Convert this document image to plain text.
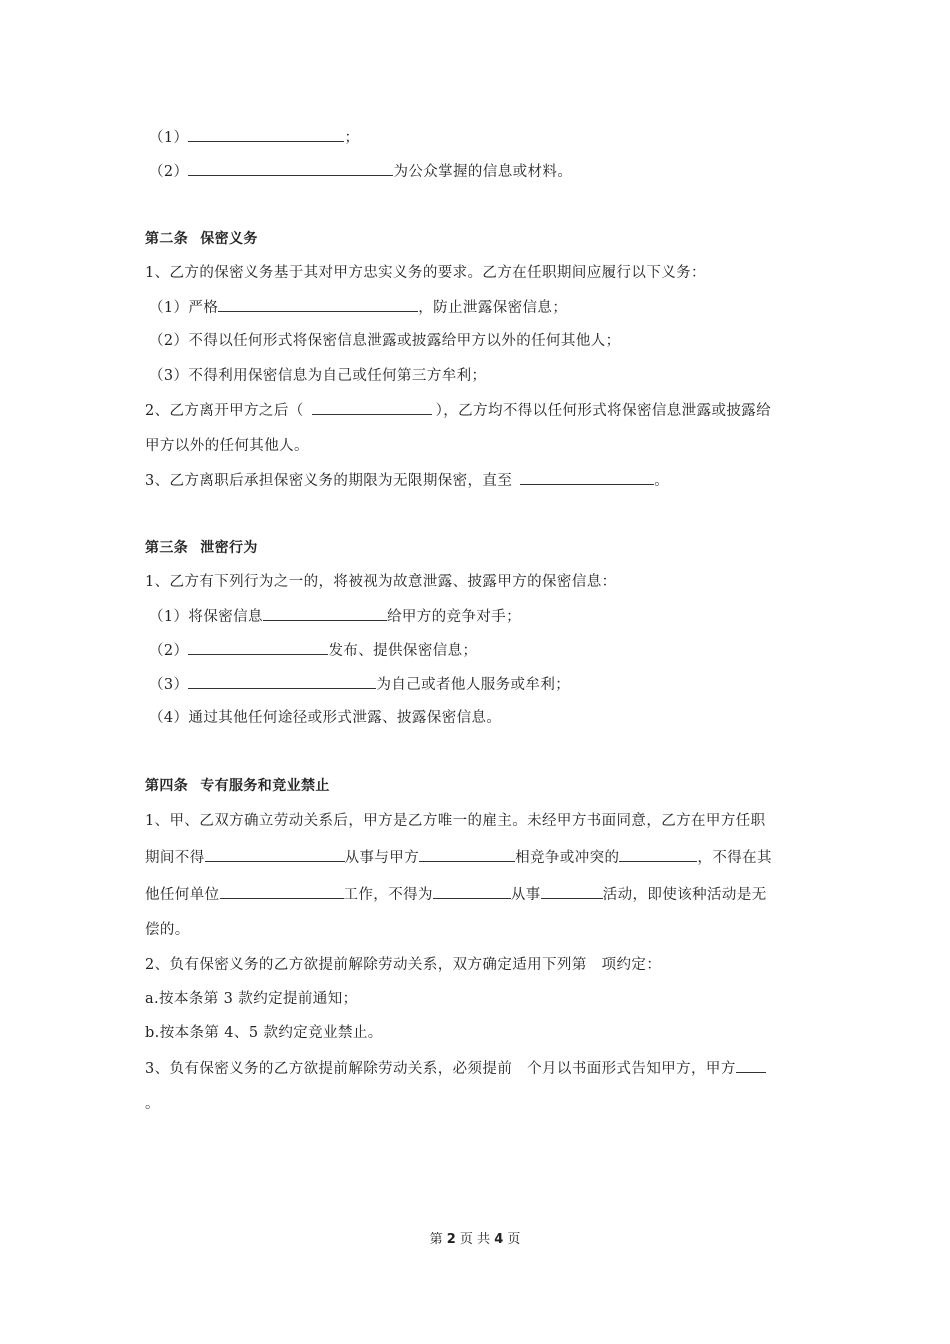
（1）	；
（2）	为公众掌握的信息或材料。
第二条 保密义务
1、乙方的保密义务基于其对甲方忠实义务的要求。乙方在任职期间应履行以下义务：
（1）严格	，防止泄露保密信息；
（2）不得以任何形式将保密信息泄露或披露给甲方以外的任何其他人；
（3）不得利用保密信息为自己或任何第三方牟利；
2、乙方离开甲方之后（	），乙方均不得以任何形式将保密信息泄露或披露给
甲方以外的任何其他人。
3、乙方离职后承担保密义务的期限为无限期保密，直至	。
第三条 泄密行为
1、乙方有下列行为之一的，将被视为故意泄露、披露甲方的保密信息：
（1）将保密信息	给甲方的竞争对手；
（2）	发布、提供保密信息；
（3）	为自己或者他人服务或牟利；
（4）通过其他任何途径或形式泄露、披露保密信息。
第四条 专有服务和竞业禁止
1、甲、乙双方确立劳动关系后，甲方是乙方唯一的雇主。未经甲方书面同意，乙方在甲方任职
期间不得	从事与甲方	相竞争或冲突的	，不得在其
他任何单位	工作，不得为	从事	活动，即使该种活动是无
偿的。
2、负有保密义务的乙方欲提前解除劳动关系，双方确定适用下列第　项约定：
a.按本条第 3 款约定提前通知；
b.按本条第 4、5 款约定竞业禁止。
3、负有保密义务的乙方欲提前解除劳动关系，必须提前　个月以书面形式告知甲方，甲方
。
第 2 页 共 4 页
